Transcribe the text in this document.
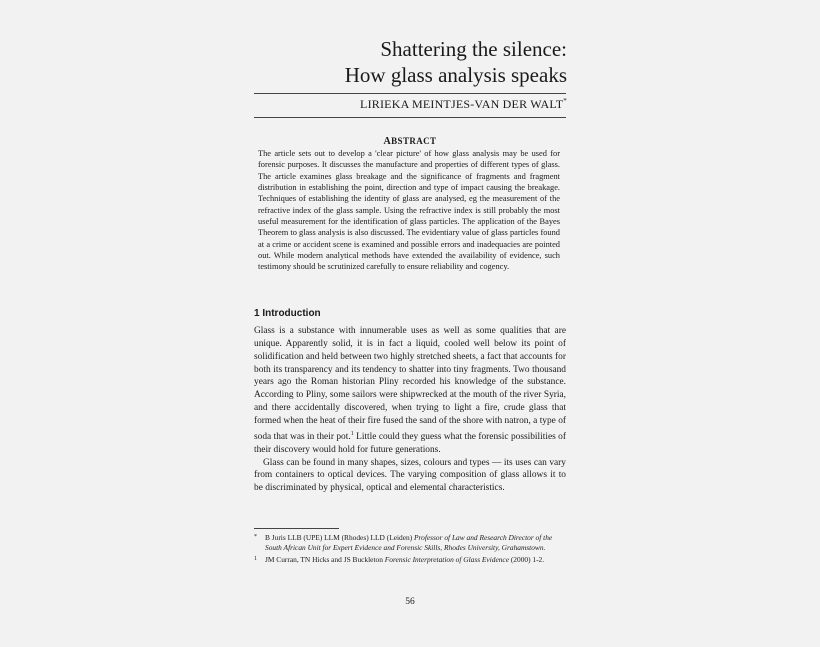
Shattering the silence:
How glass analysis speaks
LIRIEKA MEINTJES-VAN DER WALT*
ABSTRACT
The article sets out to develop a 'clear picture' of how glass analysis may be used for forensic purposes. It discusses the manufacture and properties of different types of glass. The article examines glass breakage and the significance of fragments and fragment distribution in establishing the point, direction and type of impact causing the breakage. Techniques of establishing the identity of glass are analysed, eg the measurement of the refractive index of the glass sample. Using the refractive index is still probably the most useful measurement for the identification of glass particles. The application of the Bayes Theorem to glass analysis is also discussed. The evidentiary value of glass particles found at a crime or accident scene is examined and possible errors and inadequacies are pointed out. While modern analytical methods have extended the availability of evidence, such testimony should be scrutinized carefully to ensure reliability and cogency.
1 Introduction

Glass is a substance with innumerable uses as well as some qualities that are unique. Apparently solid, it is in fact a liquid, cooled well below its point of solidification and held between two highly stretched sheets, a fact that accounts for both its transparency and its tendency to shatter into tiny fragments. Two thousand years ago the Roman historian Pliny recorded his knowledge of the substance. According to Pliny, some sailors were shipwrecked at the mouth of the river Syria, and there accidentally discovered, when trying to light a fire, crude glass that formed when the heat of their fire fused the sand of the shore with natron, a type of soda that was in their pot.$^1$ Little could they guess what the forensic possibilities of their discovery would hold for future generations.

Glass can be found in many shapes, sizes, colours and types — its uses can vary from containers to optical devices. The varying composition of glass allows it to be discriminated by physical, optical and elemental characteristics.

* B Juris LLB (UPE) LLM (Rhodes) LLD (Leiden) Professor of Law and Research Director of the South African Unit for Expert Evidence and Forensic Skills, Rhodes University, Grahamstown.
1 JM Curran, TN Hicks and JS Buckleton Forensic Interpretation of Glass Evidence (2000) 1-2.
56
